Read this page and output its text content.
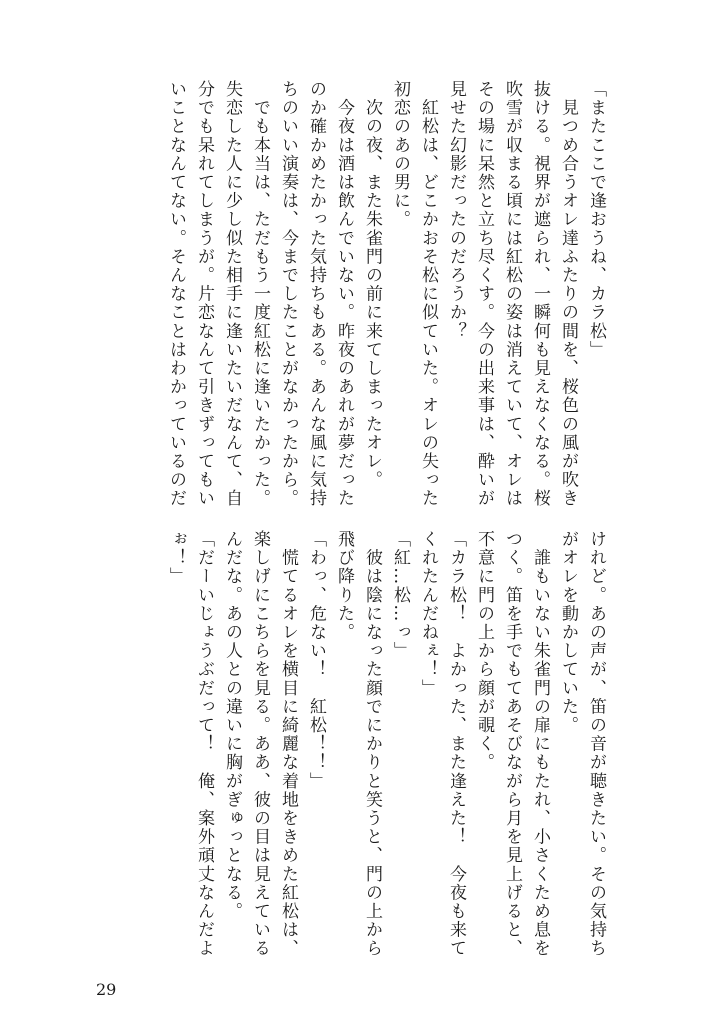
「またここで逢おうね、カラ松」

　見つめ合うオレ達ふたりの間を、桜色の風が吹き

抜ける。視界が遮られ、一瞬何も見えなくなる。桜

吹雪が収まる頃には紅松の姿は消えていて、オレは

その場に呆然と立ち尽くす。今の出来事は、酔いが

見せた幻影だったのだろうか？

　紅松は、どこかおそ松に似ていた。オレの失った

初恋のあの男に。

　次の夜、また朱雀門の前に来てしまったオレ。

　今夜は酒は飲んでいない。昨夜のあれが夢だった

のか確かめたかった気持ちもある。あんな風に気持

ちのいい演奏は、今までしたことがなかったから。

　でも本当は、ただもう一度紅松に逢いたかった。

失恋した人に少し似た相手に逢いたいだなんて、自

分でも呆れてしまうが。片恋なんて引きずってもい

いことなんてない。そんなことはわかっているのだ

けれど。あの声が、笛の音が聴きたい。その気持ち

がオレを動かしていた。

　誰もいない朱雀門の扉にもたれ、小さくため息を

つく。笛を手でもてあそびながら月を見上げると、

不意に門の上から顔が覗く。

「カラ松！　よかった、また逢えた！　今夜も来て

くれたんだねぇ！」

「紅…松…っ」

　彼は陰になった顔でにかりと笑うと、門の上から

飛び降りた。

「わっ、危ない！　紅松！！」

　慌てるオレを横目に綺麗な着地をきめた紅松は、

楽しげにこちらを見る。ああ、彼の目は見えている

んだな。あの人との違いに胸がぎゅっとなる。

「だーいじょうぶだって！　俺、案外頑丈なんだよ

ぉ！」

29
